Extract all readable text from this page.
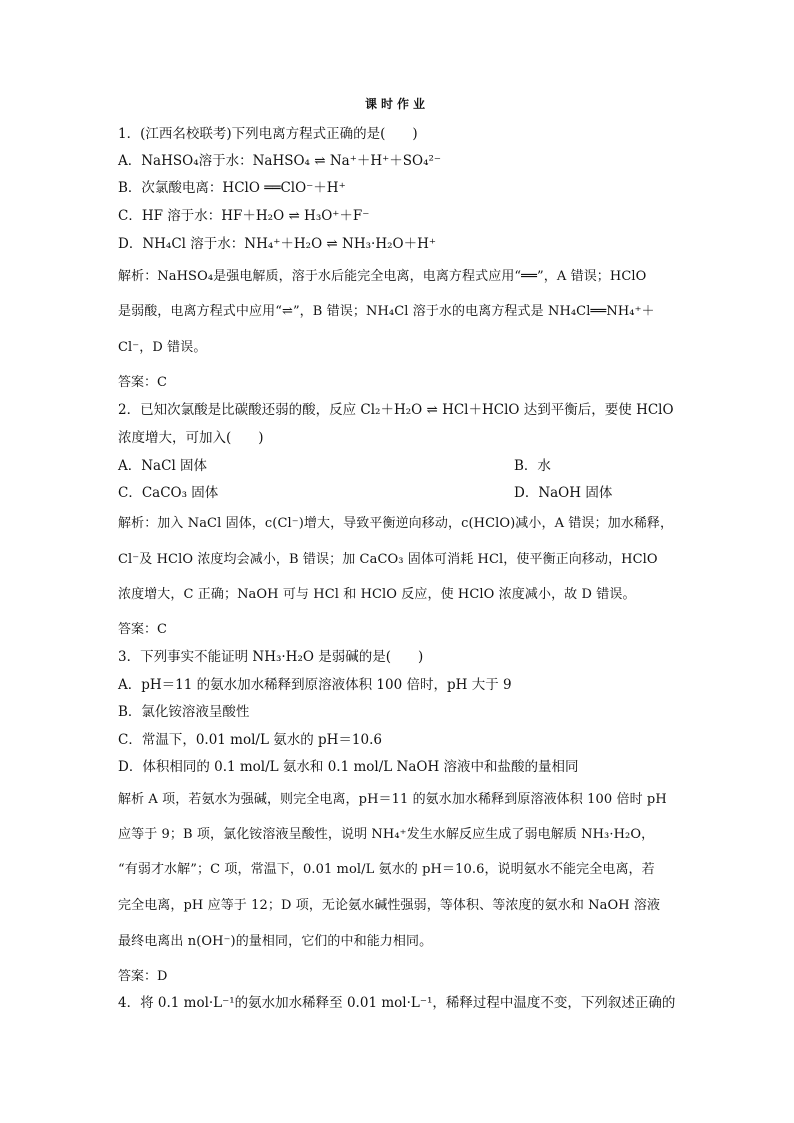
课时作业
1．(江西名校联考)下列电离方程式正确的是(　　)
A．NaHSO₄溶于水：NaHSO₄ ⇌ Na⁺＋H⁺＋SO₄²⁻
B．次氯酸电离：HClO ══ClO⁻＋H⁺
C．HF 溶于水：HF＋H₂O ⇌ H₃O⁺＋F⁻
D．NH₄Cl 溶于水：NH₄⁺＋H₂O ⇌ NH₃·H₂O＋H⁺
解析：NaHSO₄是强电解质，溶于水后能完全电离，电离方程式应用“══”，A 错误；HClO
是弱酸，电离方程式中应用“⇌”，B 错误；NH₄Cl 溶于水的电离方程式是 NH₄Cl══NH₄⁺＋
Cl⁻，D 错误。
答案：C
2．已知次氯酸是比碳酸还弱的酸，反应 Cl₂＋H₂O ⇌ HCl＋HClO 达到平衡后，要使 HClO
浓度增大，可加入(　　)
A．NaCl 固体	B．水
C．CaCO₃ 固体	D．NaOH 固体
解析：加入 NaCl 固体，c(Cl⁻)增大，导致平衡逆向移动，c(HClO)减小，A 错误；加水稀释，
Cl⁻及 HClO 浓度均会减小，B 错误；加 CaCO₃ 固体可消耗 HCl，使平衡正向移动，HClO
浓度增大，C 正确；NaOH 可与 HCl 和 HClO 反应，使 HClO 浓度减小，故 D 错误。
答案：C
3．下列事实不能证明 NH₃·H₂O 是弱碱的是(　　)
A．pH＝11 的氨水加水稀释到原溶液体积 100 倍时，pH 大于 9
B．氯化铵溶液呈酸性
C．常温下，0.01 mol/L 氨水的 pH＝10.6
D．体积相同的 0.1 mol/L 氨水和 0.1 mol/L NaOH 溶液中和盐酸的量相同
解析 A 项，若氨水为强碱，则完全电离，pH＝11 的氨水加水稀释到原溶液体积 100 倍时 pH
应等于 9；B 项，氯化铵溶液呈酸性，说明 NH₄⁺发生水解反应生成了弱电解质 NH₃·H₂O，
“有弱才水解”；C 项，常温下，0.01 mol/L 氨水的 pH＝10.6，说明氨水不能完全电离，若
完全电离，pH 应等于 12；D 项，无论氨水碱性强弱，等体积、等浓度的氨水和 NaOH 溶液
最终电离出 n(OH⁻)的量相同，它们的中和能力相同。
答案：D
4．将 0.1 mol·L⁻¹的氨水加水稀释至 0.01 mol·L⁻¹，稀释过程中温度不变，下列叙述正确的
